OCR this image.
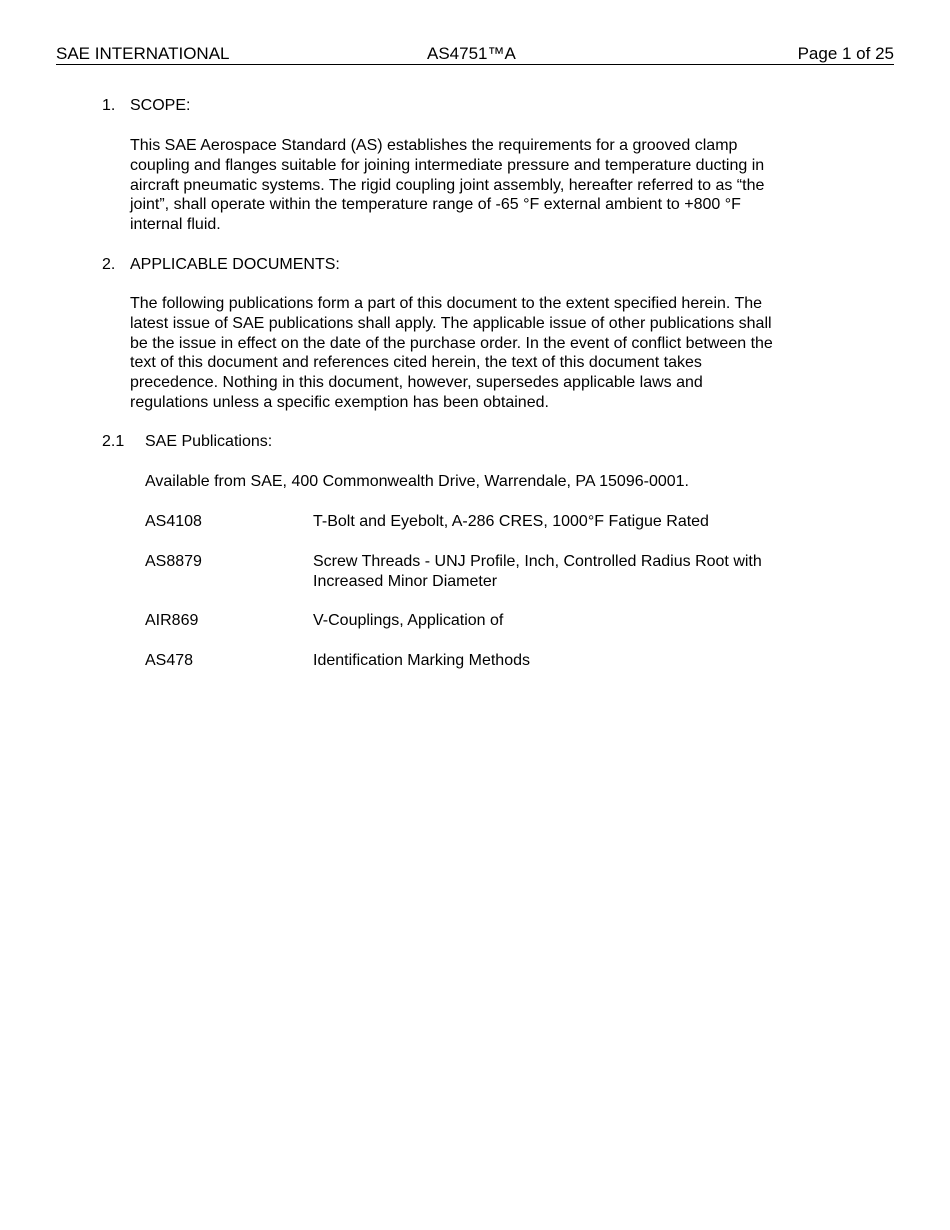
SAE INTERNATIONAL	AS4751™A	Page 1 of 25
1. SCOPE:
This SAE Aerospace Standard (AS) establishes the requirements for a grooved clamp
coupling and flanges suitable for joining intermediate pressure and temperature ducting in
aircraft pneumatic systems. The rigid coupling joint assembly, hereafter referred to as “the
joint”, shall operate within the temperature range of -65 °F external ambient to +800 °F
internal fluid.
2. APPLICABLE DOCUMENTS:
The following publications form a part of this document to the extent specified herein. The
latest issue of SAE publications shall apply. The applicable issue of other publications shall
be the issue in effect on the date of the purchase order. In the event of conflict between the
text of this document and references cited herein, the text of this document takes
precedence. Nothing in this document, however, supersedes applicable laws and
regulations unless a specific exemption has been obtained.
2.1 SAE Publications:
Available from SAE, 400 Commonwealth Drive, Warrendale, PA 15096-0001.
AS4108	T-Bolt and Eyebolt, A-286 CRES, 1000°F Fatigue Rated
AS8879	Screw Threads - UNJ Profile, Inch, Controlled Radius Root with
Increased Minor Diameter
AIR869	V-Couplings, Application of
AS478	Identification Marking Methods
